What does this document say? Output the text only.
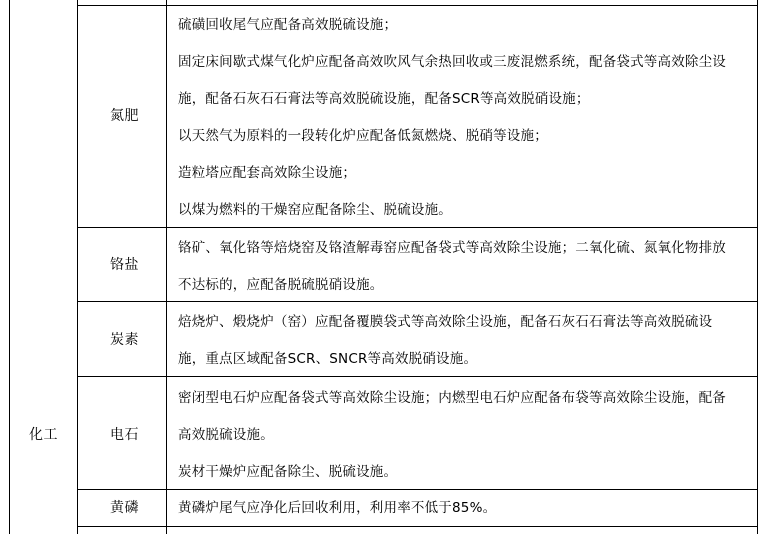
化工
氮肥
硫磺回收尾气应配备高效脱硫设施；
固定床间歇式煤气化炉应配备高效吹风气余热回收或三废混燃系统，配备袋式等高效除尘设
施，配备石灰石石膏法等高效脱硫设施，配备SCR等高效脱硝设施；
以天然气为原料的一段转化炉应配备低氮燃烧、脱硝等设施；
造粒塔应配套高效除尘设施；
以煤为燃料的干燥窑应配备除尘、脱硫设施。
铬盐
铬矿、氧化铬等焙烧窑及铬渣解毒窑应配备袋式等高效除尘设施；二氧化硫、氮氧化物排放
不达标的，应配备脱硫脱硝设施。
炭素
焙烧炉、煅烧炉（窑）应配备覆膜袋式等高效除尘设施，配备石灰石石膏法等高效脱硫设
施，重点区域配备SCR、SNCR等高效脱硝设施。
电石
密闭型电石炉应配备袋式等高效除尘设施；内燃型电石炉应配备布袋等高效除尘设施，配备
高效脱硫设施。
炭材干燥炉应配备除尘、脱硫设施。
黄磷	黄磷炉尾气应净化后回收利用，利用率不低于85%。
